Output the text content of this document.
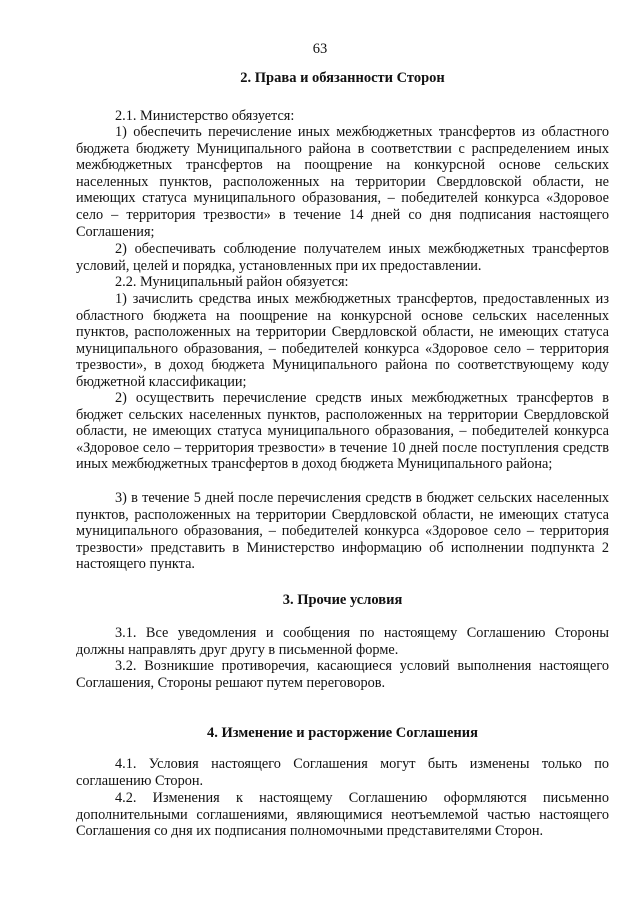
63
2. Права и обязанности Сторон

2.1. Министерство обязуется:

1) обеспечить перечисление иных межбюджетных трансфертов из областного бюджета бюджету Муниципального района в соответствии с распределением иных межбюджетных трансфертов на поощрение на конкурсной основе сельских населенных пунктов, расположенных на территории Свердловской области, не имеющих статуса муниципального образования, – победителей конкурса «Здоровое село – территория трезвости» в течение 14 дней со дня подписания настоящего Соглашения;

2) обеспечивать соблюдение получателем иных межбюджетных трансфертов условий, целей и порядка, установленных при их предоставлении.

2.2. Муниципальный район обязуется:

1) зачислить средства иных межбюджетных трансфертов, предоставленных из областного бюджета на поощрение на конкурсной основе сельских населенных пунктов, расположенных на территории Свердловской области, не имеющих статуса муниципального образования, – победителей конкурса «Здоровое село – территория трезвости», в доход бюджета Муниципального района по соответствующему коду бюджетной классификации;

2) осуществить перечисление средств иных межбюджетных трансфертов в бюджет сельских населенных пунктов, расположенных на территории Свердловской области, не имеющих статуса муниципального образования, – победителей конкурса «Здоровое село – территория трезвости» в течение 10 дней после поступления средств иных межбюджетных трансфертов в доход бюджета Муниципального района;

3) в течение 5 дней после перечисления средств в бюджет сельских населенных пунктов, расположенных на территории Свердловской области, не имеющих статуса муниципального образования, – победителей конкурса «Здоровое село – территория трезвости» представить в Министерство информацию об исполнении подпункта 2 настоящего пункта.

3. Прочие условия

3.1. Все уведомления и сообщения по настоящему Соглашению Стороны должны направлять друг другу в письменной форме.

3.2. Возникшие противоречия, касающиеся условий выполнения настоящего Соглашения, Стороны решают путем переговоров.

4. Изменение и расторжение Соглашения

4.1. Условия настоящего Соглашения могут быть изменены только по соглашению Сторон.

4.2. Изменения к настоящему Соглашению оформляются письменно дополнительными соглашениями, являющимися неотъемлемой частью настоящего Соглашения со дня их подписания полномочными представителями Сторон.
